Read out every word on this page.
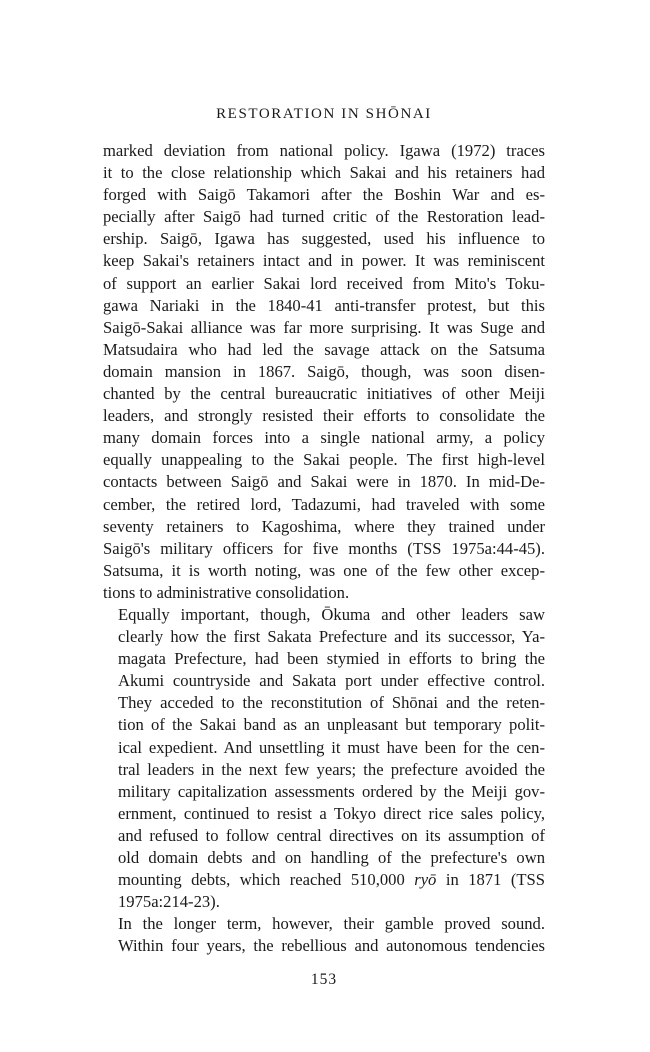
RESTORATION IN SHŌNAI

marked deviation from national policy. Igawa (1972) traces
it to the close relationship which Sakai and his retainers had
forged with Saigō Takamori after the Boshin War and es-
pecially after Saigō had turned critic of the Restoration lead-
ership. Saigō, Igawa has suggested, used his influence to
keep Sakai's retainers intact and in power. It was reminiscent
of support an earlier Sakai lord received from Mito's Toku-
gawa Nariaki in the 1840-41 anti-transfer protest, but this
Saigō-Sakai alliance was far more surprising. It was Suge and
Matsudaira who had led the savage attack on the Satsuma
domain mansion in 1867. Saigō, though, was soon disen-
chanted by the central bureaucratic initiatives of other Meiji
leaders, and strongly resisted their efforts to consolidate the
many domain forces into a single national army, a policy
equally unappealing to the Sakai people. The first high-level
contacts between Saigō and Sakai were in 1870. In mid-De-
cember, the retired lord, Tadazumi, had traveled with some
seventy retainers to Kagoshima, where they trained under
Saigō's military officers for five months (TSS 1975a:44-45).
Satsuma, it is worth noting, was one of the few other excep-
tions to administrative consolidation.

Equally important, though, Ōkuma and other leaders saw
clearly how the first Sakata Prefecture and its successor, Ya-
magata Prefecture, had been stymied in efforts to bring the
Akumi countryside and Sakata port under effective control.
They acceded to the reconstitution of Shōnai and the reten-
tion of the Sakai band as an unpleasant but temporary polit-
ical expedient. And unsettling it must have been for the cen-
tral leaders in the next few years; the prefecture avoided the
military capitalization assessments ordered by the Meiji gov-
ernment, continued to resist a Tokyo direct rice sales policy,
and refused to follow central directives on its assumption of
old domain debts and on handling of the prefecture's own
mounting debts, which reached 510,000 ryō in 1871 (TSS
1975a:214-23).

In the longer term, however, their gamble proved sound.
Within four years, the rebellious and autonomous tendencies

153
